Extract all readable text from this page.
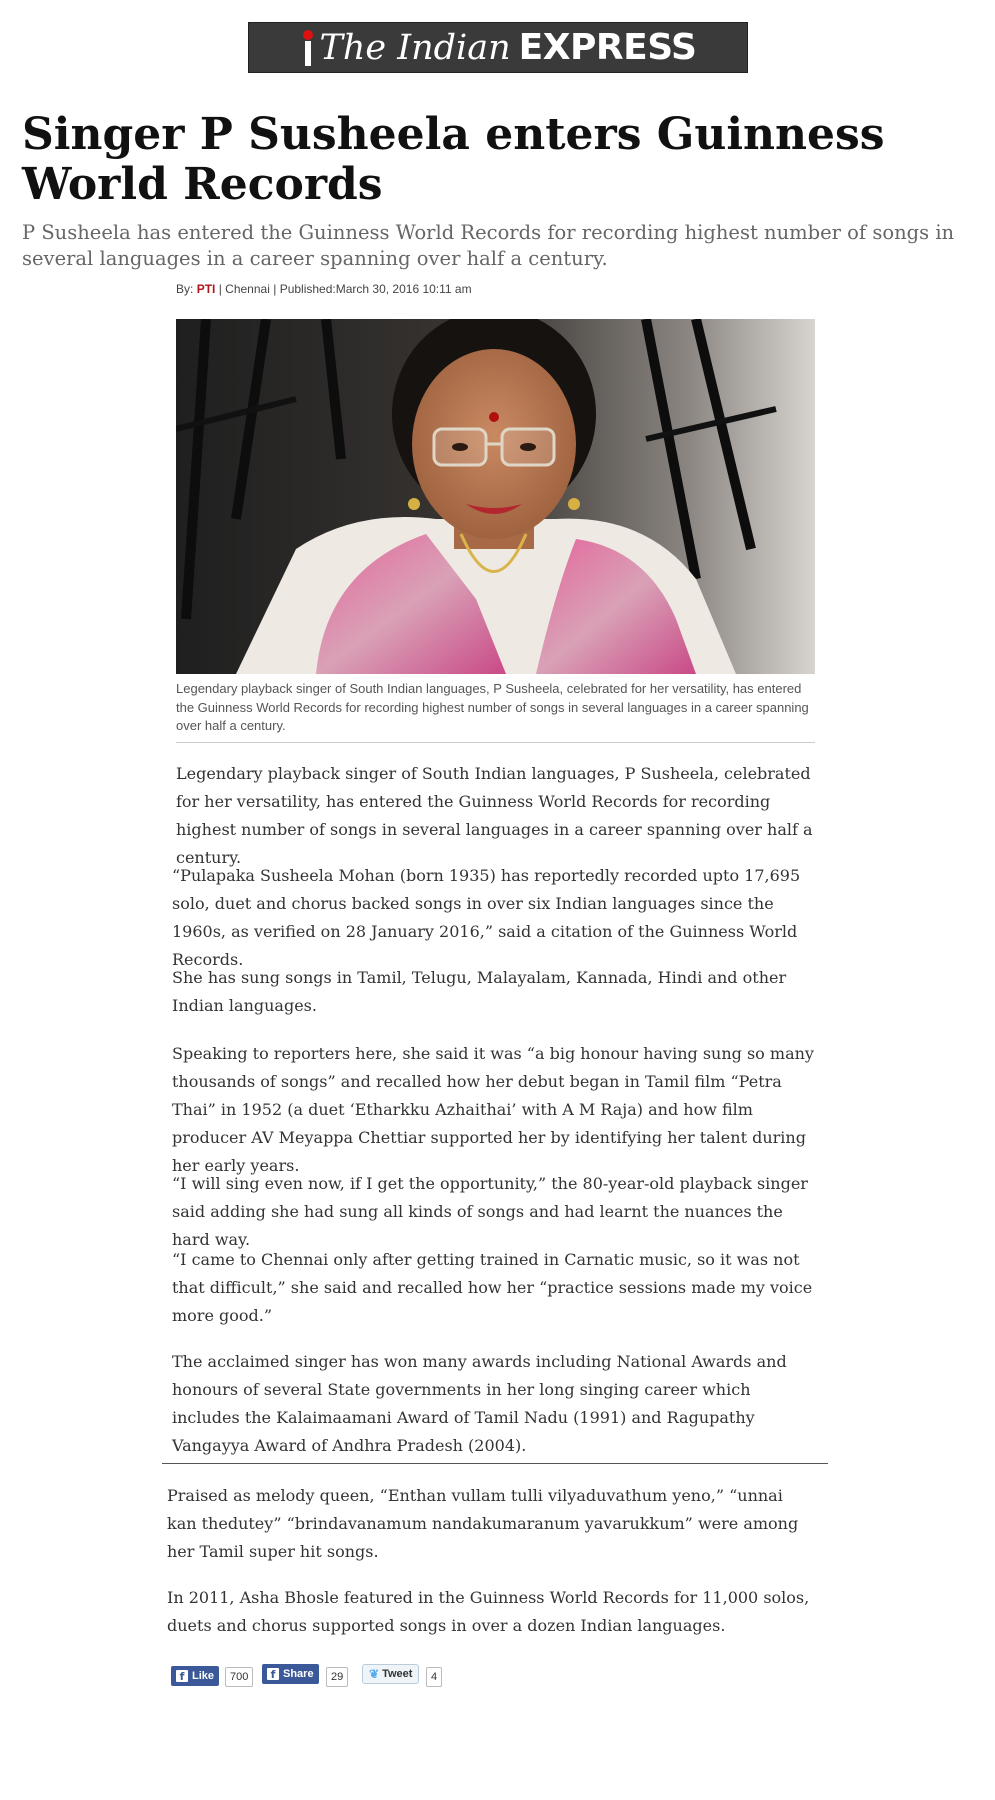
The Indian EXPRESS
Singer P Susheela enters Guinness World Records

P Susheela has entered the Guinness World Records for recording highest number of songs in several languages in a career spanning over half a century.

By: PTI | Chennai | Published:March 30, 2016 10:11 am

Legendary playback singer of South Indian languages, P Susheela, celebrated for her versatility, has entered the Guinness World Records for recording highest number of songs in several languages in a career spanning over half a century.

Legendary playback singer of South Indian languages, P Susheela, celebrated for her versatility, has entered the Guinness World Records for recording highest number of songs in several languages in a career spanning over half a century.

“Pulapaka Susheela Mohan (born 1935) has reportedly recorded upto 17,695 solo, duet and chorus backed songs in over six Indian languages since the 1960s, as verified on 28 January 2016,” said a citation of the Guinness World Records.

She has sung songs in Tamil, Telugu, Malayalam, Kannada, Hindi and other Indian languages.

Speaking to reporters here, she said it was “a big honour having sung so many thousands of songs” and recalled how her debut began in Tamil film “Petra Thai” in 1952 (a duet ‘Etharkku Azhaithai’ with A M Raja) and how film producer AV Meyappa Chettiar supported her by identifying her talent during her early years.

“I will sing even now, if I get the opportunity,” the 80-year-old playback singer said adding she had sung all kinds of songs and had learnt the nuances the hard way.

“I came to Chennai only after getting trained in Carnatic music, so it was not that difficult,” she said and recalled how her “practice sessions made my voice more good.”

The acclaimed singer has won many awards including National Awards and honours of several State governments in her long singing career which includes the Kalaimaamani Award of Tamil Nadu (1991) and Ragupathy Vangayya Award of Andhra Pradesh (2004).

Praised as melody queen, “Enthan vullam tulli vilyaduvathum yeno,” “unnai kan thedutey” “brindavanamum nandakumaranum yavarukkum” were among her Tamil super hit songs.

In 2011, Asha Bhosle featured in the Guinness World Records for 11,000 solos, duets and chorus supported songs in over a dozen Indian languages.

f Like	700	f Share	29	❦ Tweet	4
